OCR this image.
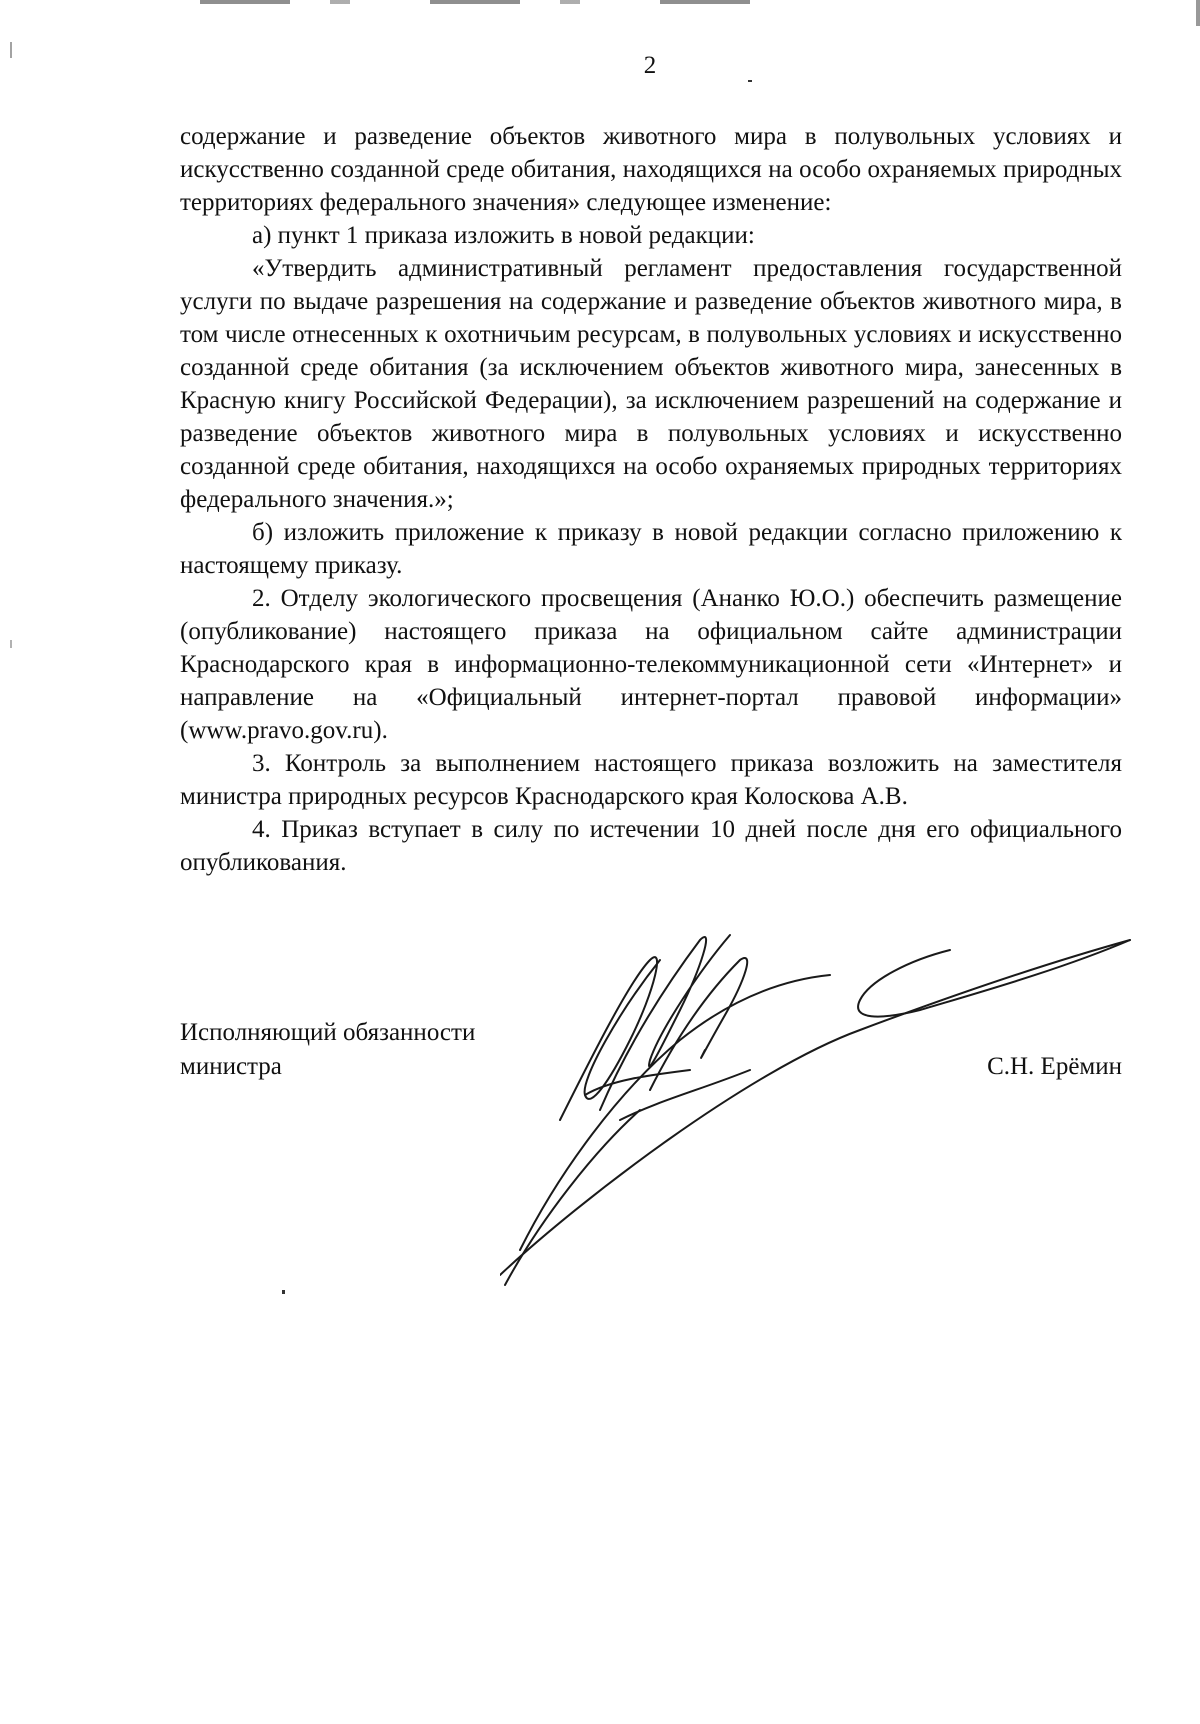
2

содержание и разведение объектов животного мира в полувольных условиях и искусственно созданной среде обитания, находящихся на особо охраняемых природных территориях федерального значения» следующее изменение:

а) пункт 1 приказа изложить в новой редакции:

«Утвердить административный регламент предоставления государственной услуги по выдаче разрешения на содержание и разведение объектов животного мира, в том числе отнесенных к охотничьим ресурсам, в полувольных условиях и искусственно созданной среде обитания (за исключением объектов животного мира, занесенных в Красную книгу Российской Федерации), за исключением разрешений на содержание и разведение объектов животного мира в полувольных условиях и искусственно созданной среде обитания, находящихся на особо охраняемых природных территориях федерального значения.»;

б) изложить приложение к приказу в новой редакции согласно приложению к настоящему приказу.

2. Отделу экологического просвещения (Ананко Ю.О.) обеспечить размещение (опубликование) настоящего приказа на официальном сайте администрации Краснодарского края в информационно-телекоммуникационной сети «Интернет» и направление на «Официальный интернет-портал правовой информации» (www.pravo.gov.ru).

3. Контроль за выполнением настоящего приказа возложить на заместителя министра природных ресурсов Краснодарского края Колоскова А.В.

4. Приказ вступает в силу по истечении 10 дней после дня его официального опубликования.

Исполняющий обязанности
министра	С.Н. Ерёмин
